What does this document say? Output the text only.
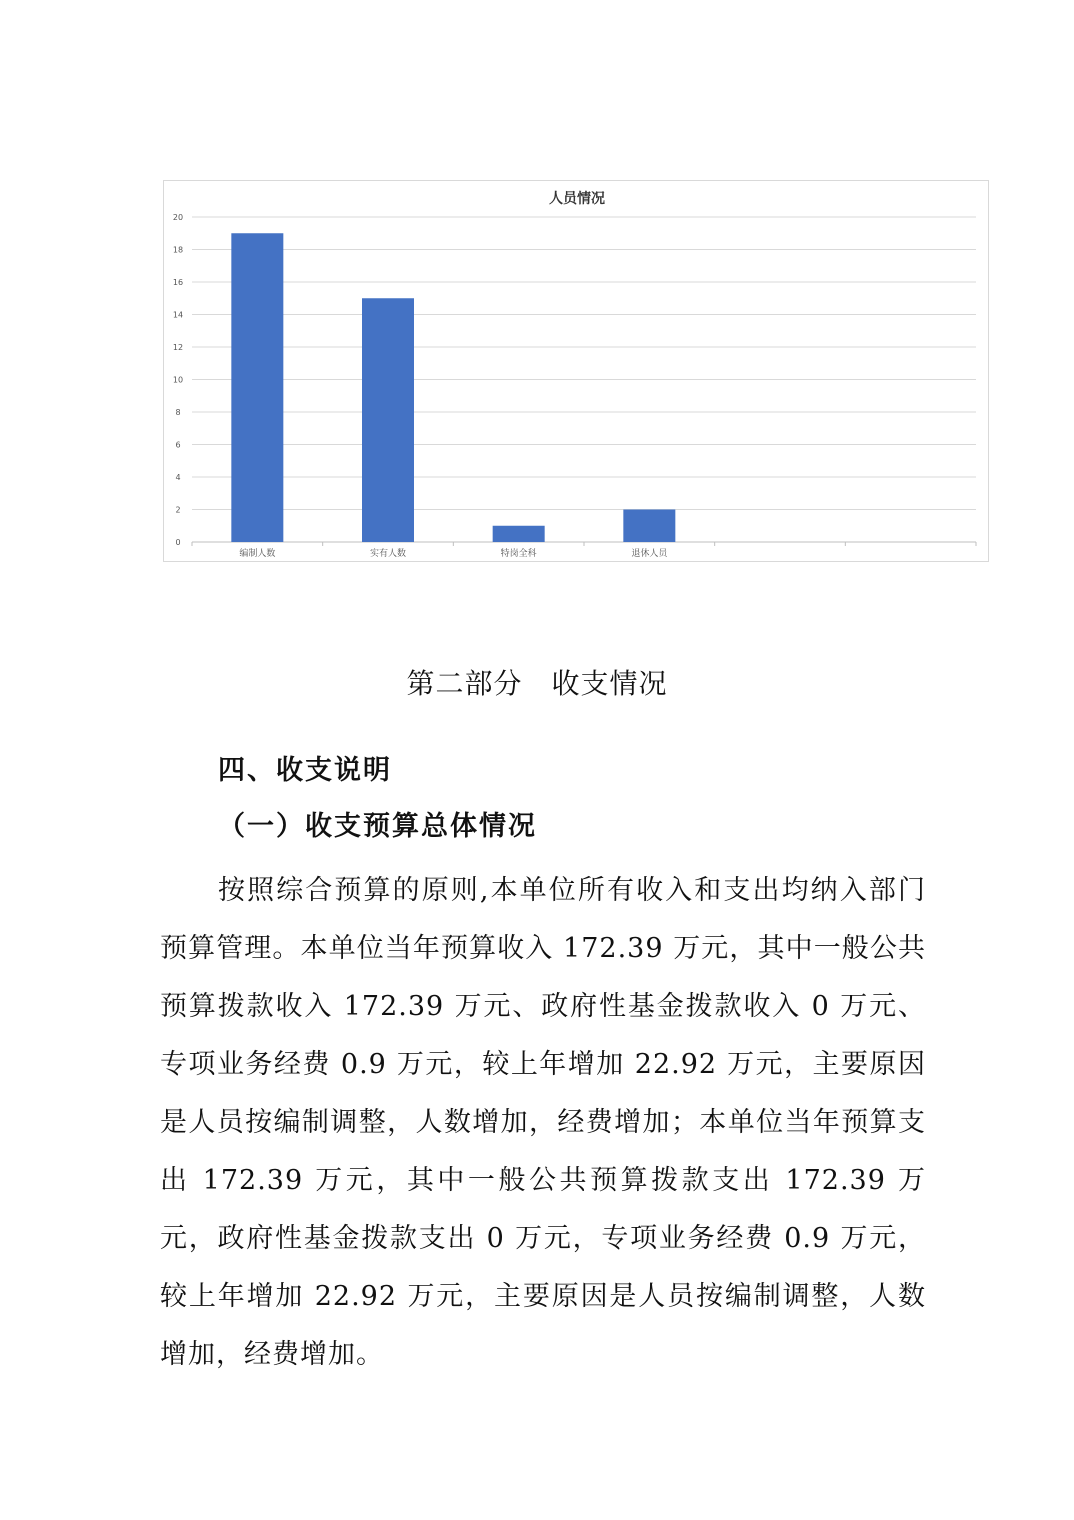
人员情况
0
2
4
6
8
10
12
14
16
18
20
编制人数	实有人数	特岗全科	退休人员
第二部分　收支情况
四、收支说明
（一）收支预算总体情况

按照综合预算的原则,本单位所有收入和支出均纳入部门预算管理。本单位当年预算收入 172.39 万元，其中一般公共预算拨款收入 172.39 万元、政府性基金拨款收入 0 万元、专项业务经费 0.9 万元，较上年增加 22.92 万元，主要原因是人员按编制调整，人数增加，经费增加；本单位当年预算支出 172.39 万元，其中一般公共预算拨款支出 172.39 万元，政府性基金拨款支出 0 万元，专项业务经费 0.9 万元，较上年增加 22.92 万元，主要原因是人员按编制调整，人数增加，经费增加。
